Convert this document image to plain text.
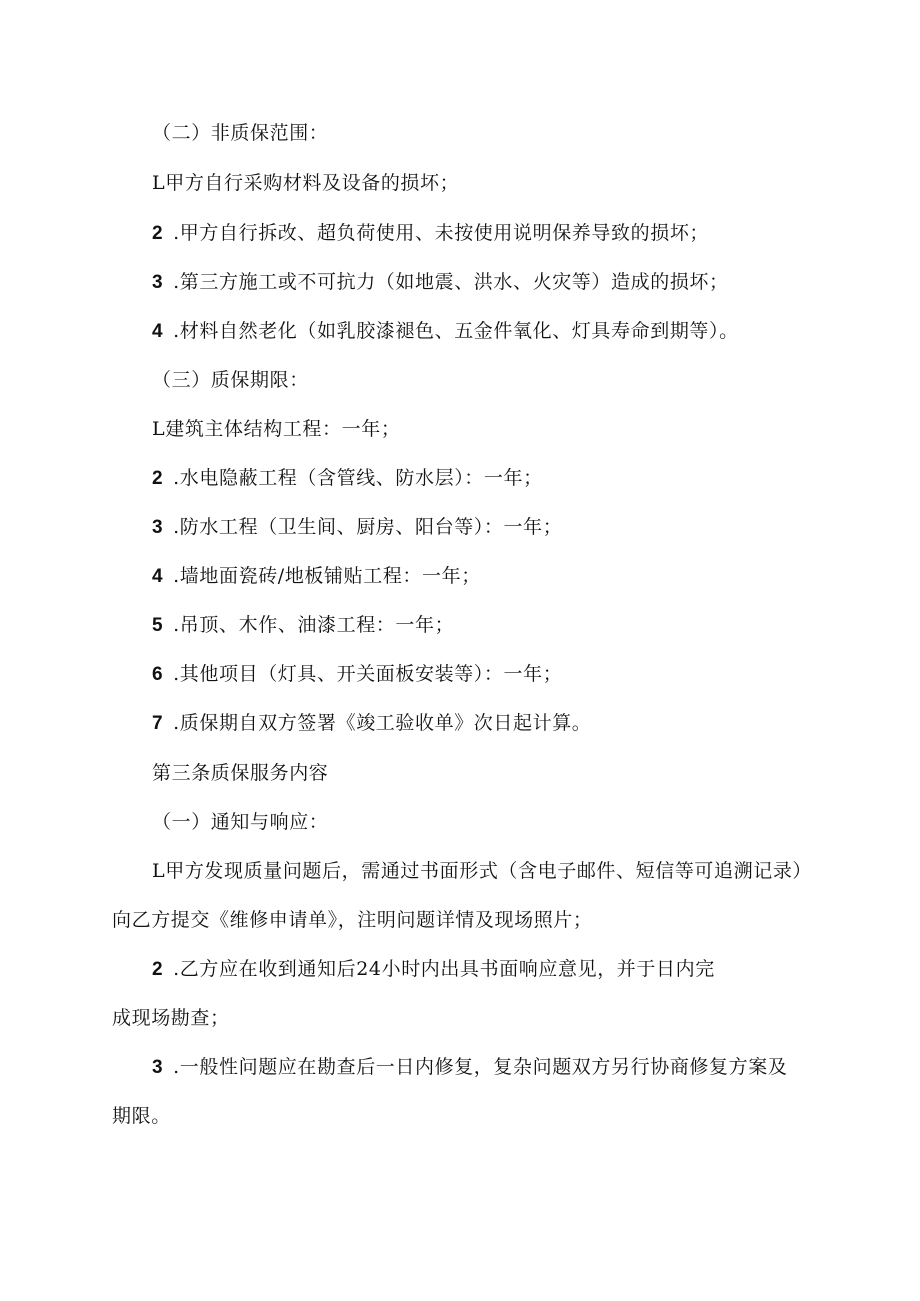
（二）非质保范围：
L甲方自行采购材料及设备的损坏；
2 .甲方自行拆改、超负荷使用、未按使用说明保养导致的损坏；
3 .第三方施工或不可抗力（如地震、洪水、火灾等）造成的损坏；
4 .材料自然老化（如乳胶漆褪色、五金件氧化、灯具寿命到期等）。
（三）质保期限：
L建筑主体结构工程：一年；
2 .水电隐蔽工程（含管线、防水层）：一年；
3 .防水工程（卫生间、厨房、阳台等）：一年；
4 .墙地面瓷砖/地板铺贴工程：一年；
5 .吊顶、木作、油漆工程：一年；
6 .其他项目（灯具、开关面板安装等）：一年；
7 .质保期自双方签署《竣工验收单》次日起计算。
第三条质保服务内容
（一）通知与响应：
L甲方发现质量问题后，需通过书面形式（含电子邮件、短信等可追溯记录）
向乙方提交《维修申请单》，注明问题详情及现场照片；
2 .乙方应在收到通知后24小时内出具书面响应意见，并于日内完
成现场勘查；
3 .一般性问题应在勘查后一日内修复，复杂问题双方另行协商修复方案及
期限。
